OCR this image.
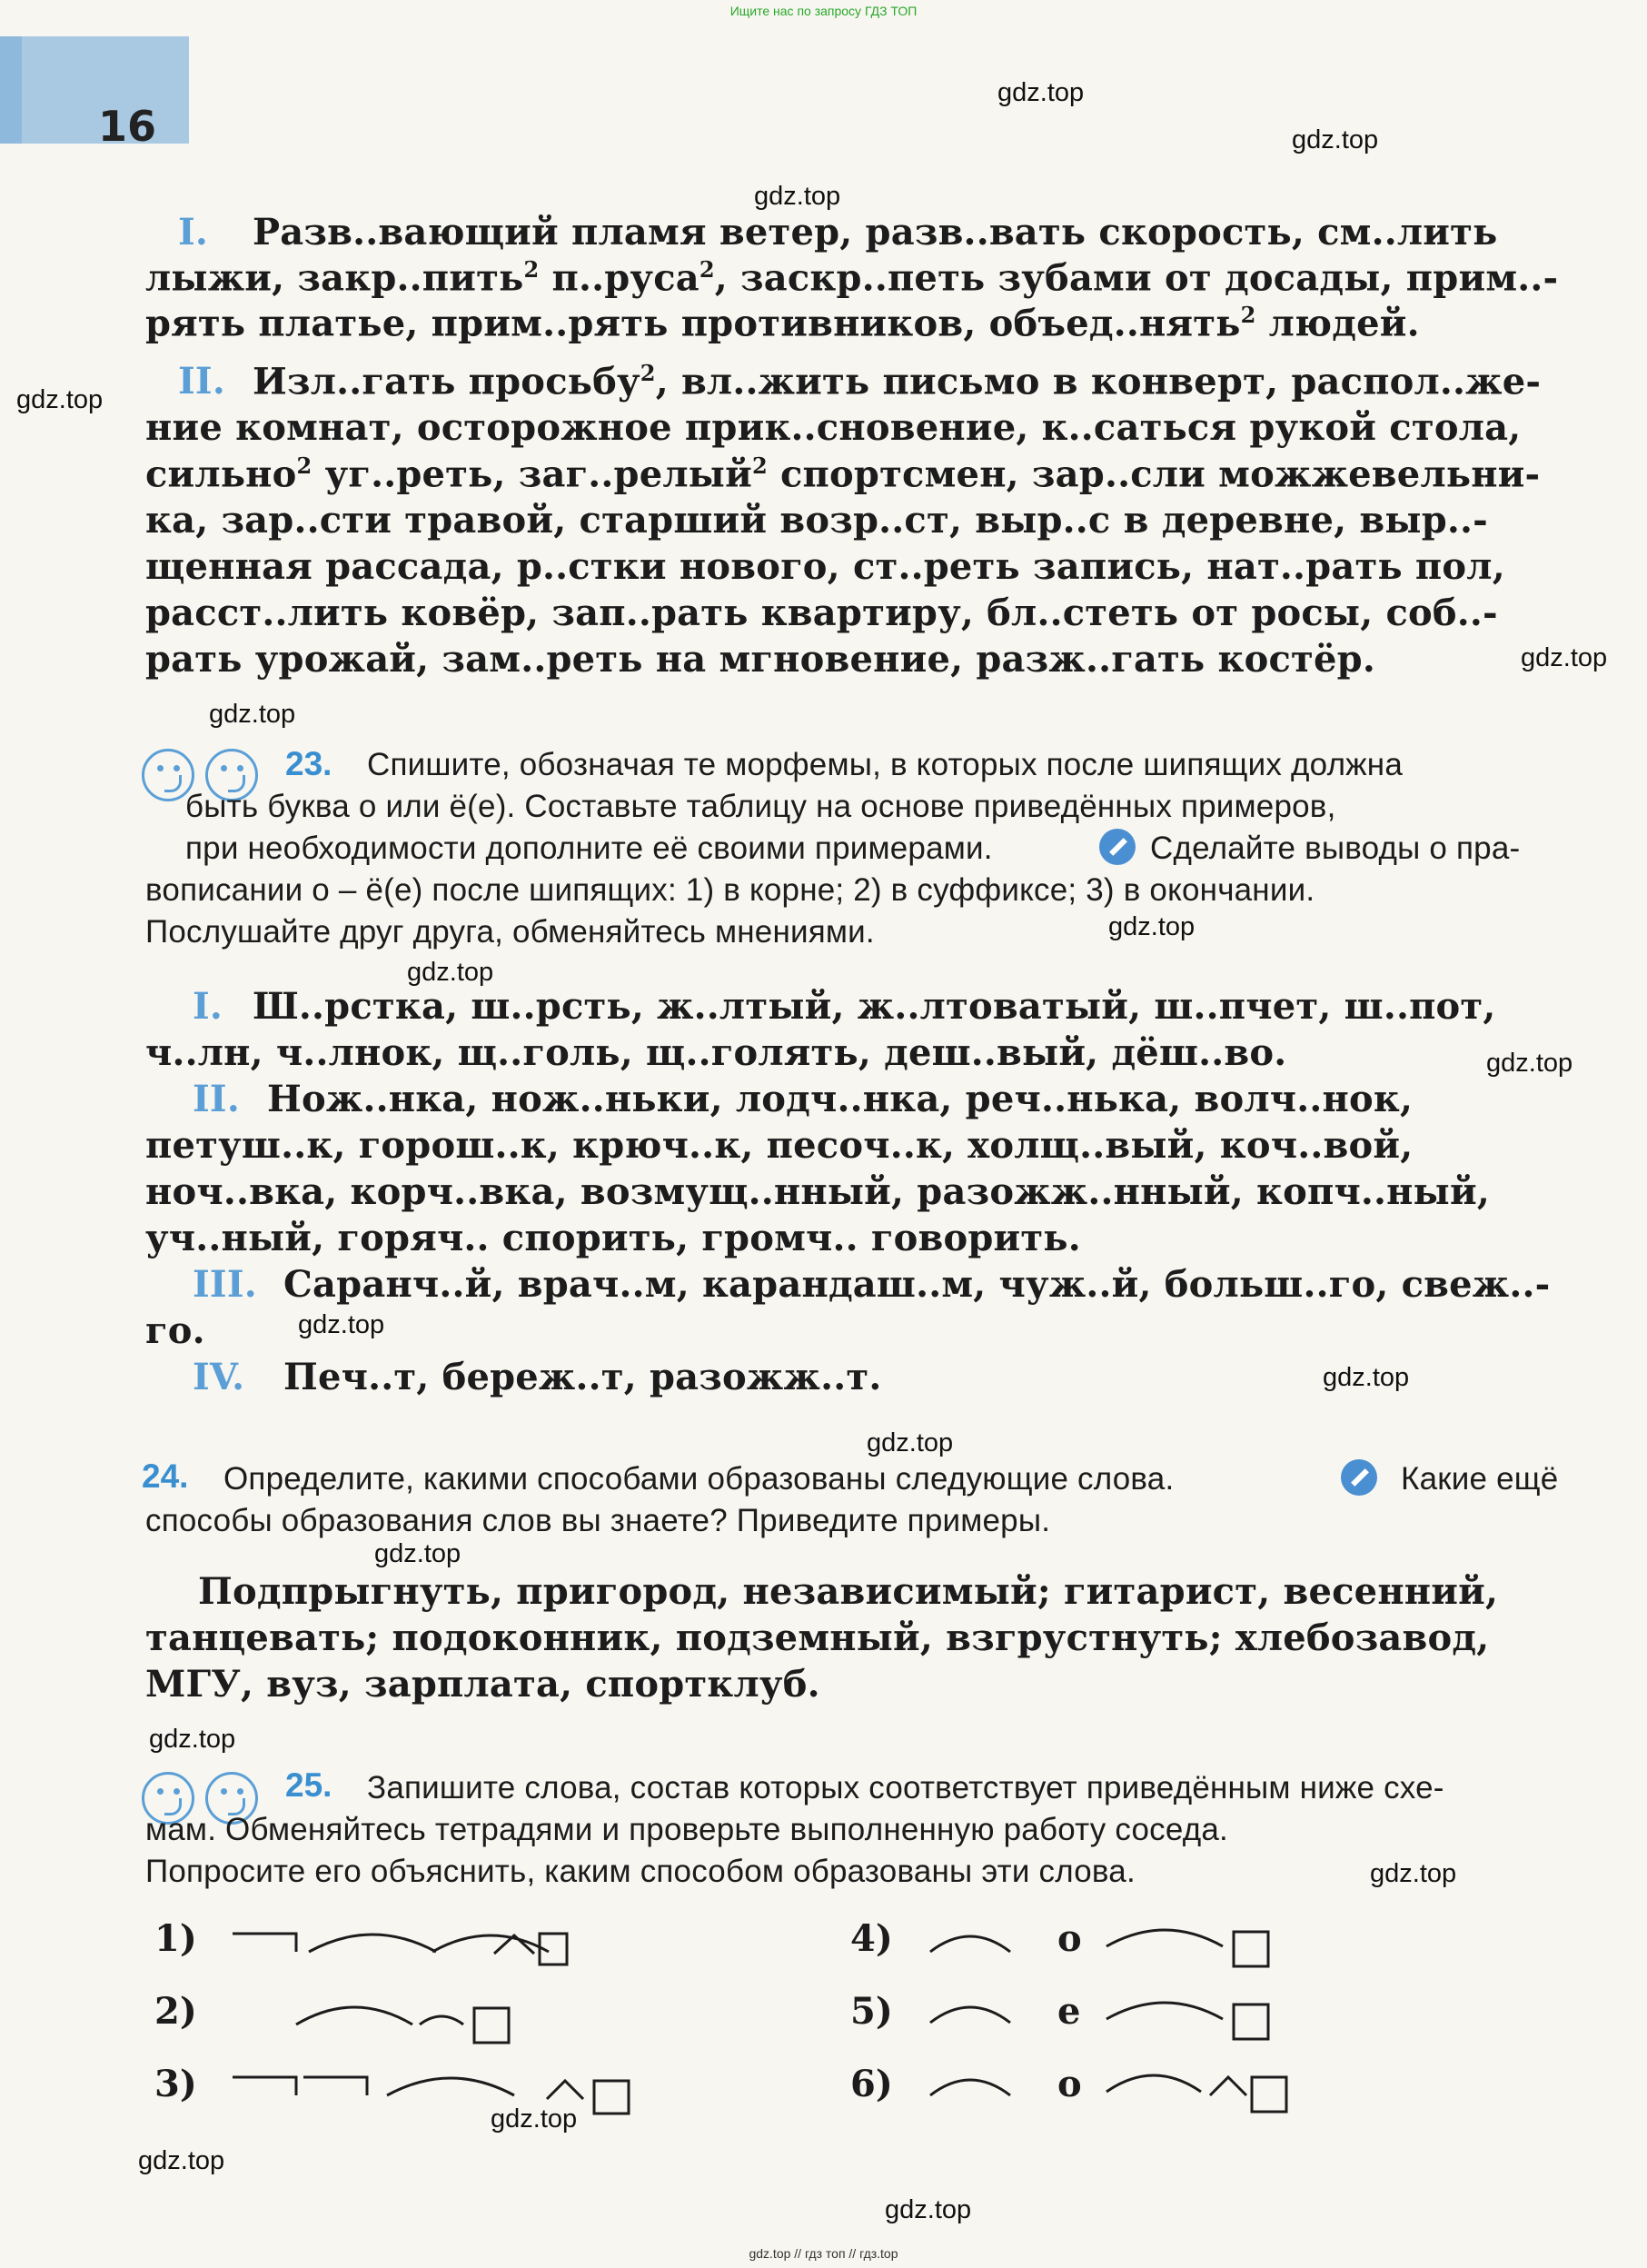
Ищите нас по запросу ГДЗ ТОП
16
gdz.top
gdz.top
gdz.top
gdz.top
gdz.top
gdz.top
gdz.top
gdz.top
gdz.top
gdz.top
gdz.top
gdz.top
gdz.top
gdz.top
gdz.top
gdz.top
gdz.top
gdz.top
I. Разв..вающий пламя ветер, разв..вать скорость, см..лить
лыжи, закр..пить$^2$ п..руса$^2$, заскр..петь зубами от досады, прим..-
рять платье, прим..рять противников, объед..нять$^2$ людей.
II. Изл..гать просьбу$^2$, вл..жить письмо в конверт, распол..же-
ние комнат, осторожное прик..сновение, к..саться рукой стола,
сильно$^2$ уг..реть, заг..релый$^2$ спортсмен, зар..сли можжевельни-
ка, зар..сти травой, старший возр..ст, выр..с в деревне, выр..-
щенная рассада, р..стки нового, ст..реть запись, нат..рать пол,
расст..лить ковёр, зап..рать квартиру, бл..стеть от росы, соб..-
рать урожай, зам..реть на мгновение, разж..гать костёр.
23. Спишите, обозначая те морфемы, в которых после шипящих должна
быть буква о или ё(е). Составьте таблицу на основе приведённых примеров,
при необходимости дополните её своими примерами.	Сделайте выводы о пра-
вописании о – ё(е) после шипящих: 1) в корне; 2) в суффиксе; 3) в окончании.
Послушайте друг друга, обменяйтесь мнениями.
I. Ш..рстка, ш..рсть, ж..лтый, ж..лтоватый, ш..пчет, ш..пот,
ч..лн, ч..лнок, щ..голь, щ..голять, деш..вый, дёш..во.
II. Нож..нка, нож..ньки, лодч..нка, реч..нька, волч..нок,
петуш..к, горош..к, крюч..к, песоч..к, холщ..вый, коч..вой,
ноч..вка, корч..вка, возмущ..нный, разожж..нный, копч..ный,
уч..ный, горяч.. спорить, громч.. говорить.
III. Саранч..й, врач..м, карандаш..м, чуж..й, больш..го, свеж..-
го.
IV. Печ..т, береж..т, разожж..т.
24. Определите, какими способами образованы следующие слова.	Какие ещё
способы образования слов вы знаете? Приведите примеры.
Подпрыгнуть, пригород, независимый; гитарист, весенний,
танцевать; подоконник, подземный, взгрустнуть; хлебозавод,
МГУ, вуз, зарплата, спортклуб.
25. Запишите слова, состав которых соответствует приведённым ниже схе-
мам. Обменяйтесь тетрадями и проверьте выполненную работу соседа.
Попросите его объяснить, каким способом образованы эти слова.
1)
2)
3)
4)	о
5)	е
6)	о
gdz.top // гдз топ // гдз.top
